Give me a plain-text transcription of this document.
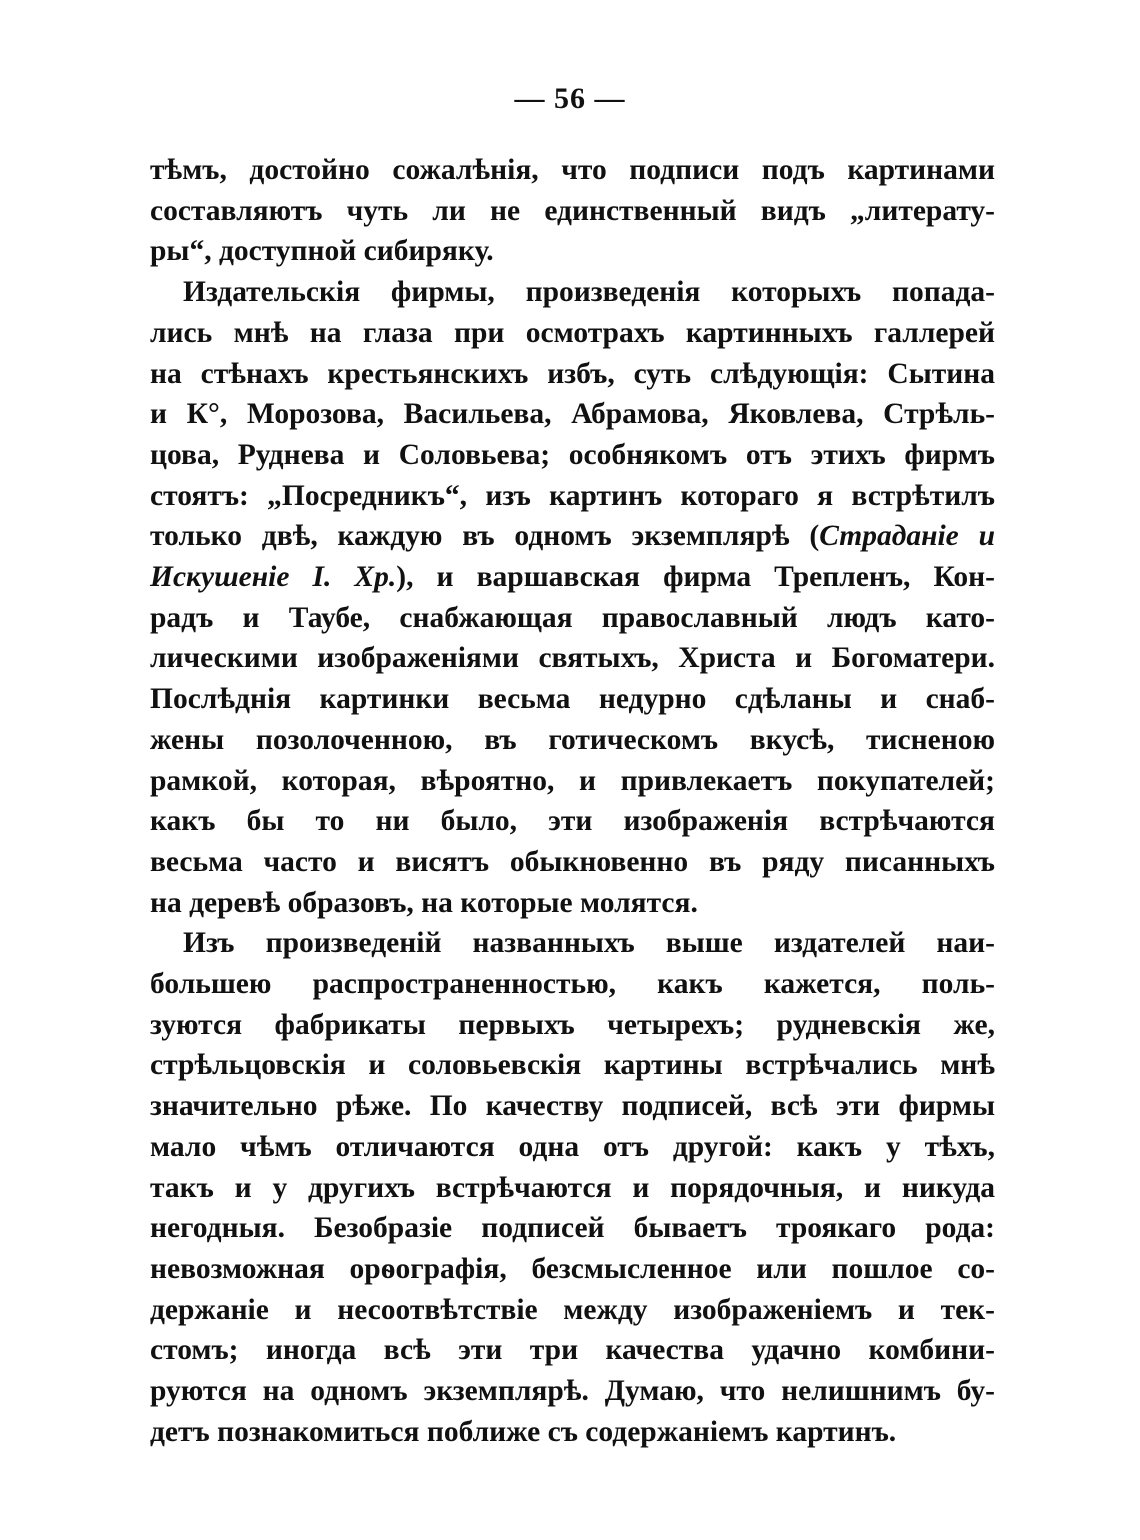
— 56 —
тѣмъ, достойно сожалѣнія, что подписи подъ картинами
составляютъ чуть ли не единственный видъ „литерату-
ры“, доступной сибиряку.
Издательскія фирмы, произведенія которыхъ попада-
лись мнѣ на глаза при осмотрахъ картинныхъ галлерей
на стѣнахъ крестьянскихъ избъ, суть слѣдующія: Сытина
и К°, Морозова, Васильева, Абрамова, Яковлева, Стрѣль-
цова, Руднева и Соловьева; особнякомъ отъ этихъ фирмъ
стоятъ: „Посредникъ“, изъ картинъ котораго я встрѣтилъ
только двѣ, каждую въ одномъ экземплярѣ (Страданіе и
Искушеніе I. Хр.), и варшавская фирма Трепленъ, Кон-
радъ и Таубе, снабжающая православный людъ като-
лическими изображеніями святыхъ, Христа и Богоматери.
Послѣднія картинки весьма недурно сдѣланы и снаб-
жены позолоченною, въ готическомъ вкусѣ, тисненою
рамкой, которая, вѣроятно, и привлекаетъ покупателей;
какъ бы то ни было, эти изображенія встрѣчаются
весьма часто и висятъ обыкновенно въ ряду писанныхъ
на деревѣ образовъ, на которые молятся.
Изъ произведеній названныхъ выше издателей наи-
большею распространенностью, какъ кажется, поль-
зуются фабрикаты первыхъ четырехъ; рудневскія же,
стрѣльцовскія и соловьевскія картины встрѣчались мнѣ
значительно рѣже. По качеству подписей, всѣ эти фирмы
мало чѣмъ отличаются одна отъ другой: какъ у тѣхъ,
такъ и у другихъ встрѣчаются и порядочныя, и никуда
негодныя. Безобразіе подписей бываетъ троякаго рода:
невозможная орѳографія, безсмысленное или пошлое со-
держаніе и несоотвѣтствіе между изображеніемъ и тек-
стомъ; иногда всѣ эти три качества удачно комбини-
руются на одномъ экземплярѣ. Думаю, что нелишнимъ бу-
детъ познакомиться поближе съ содержаніемъ картинъ.
